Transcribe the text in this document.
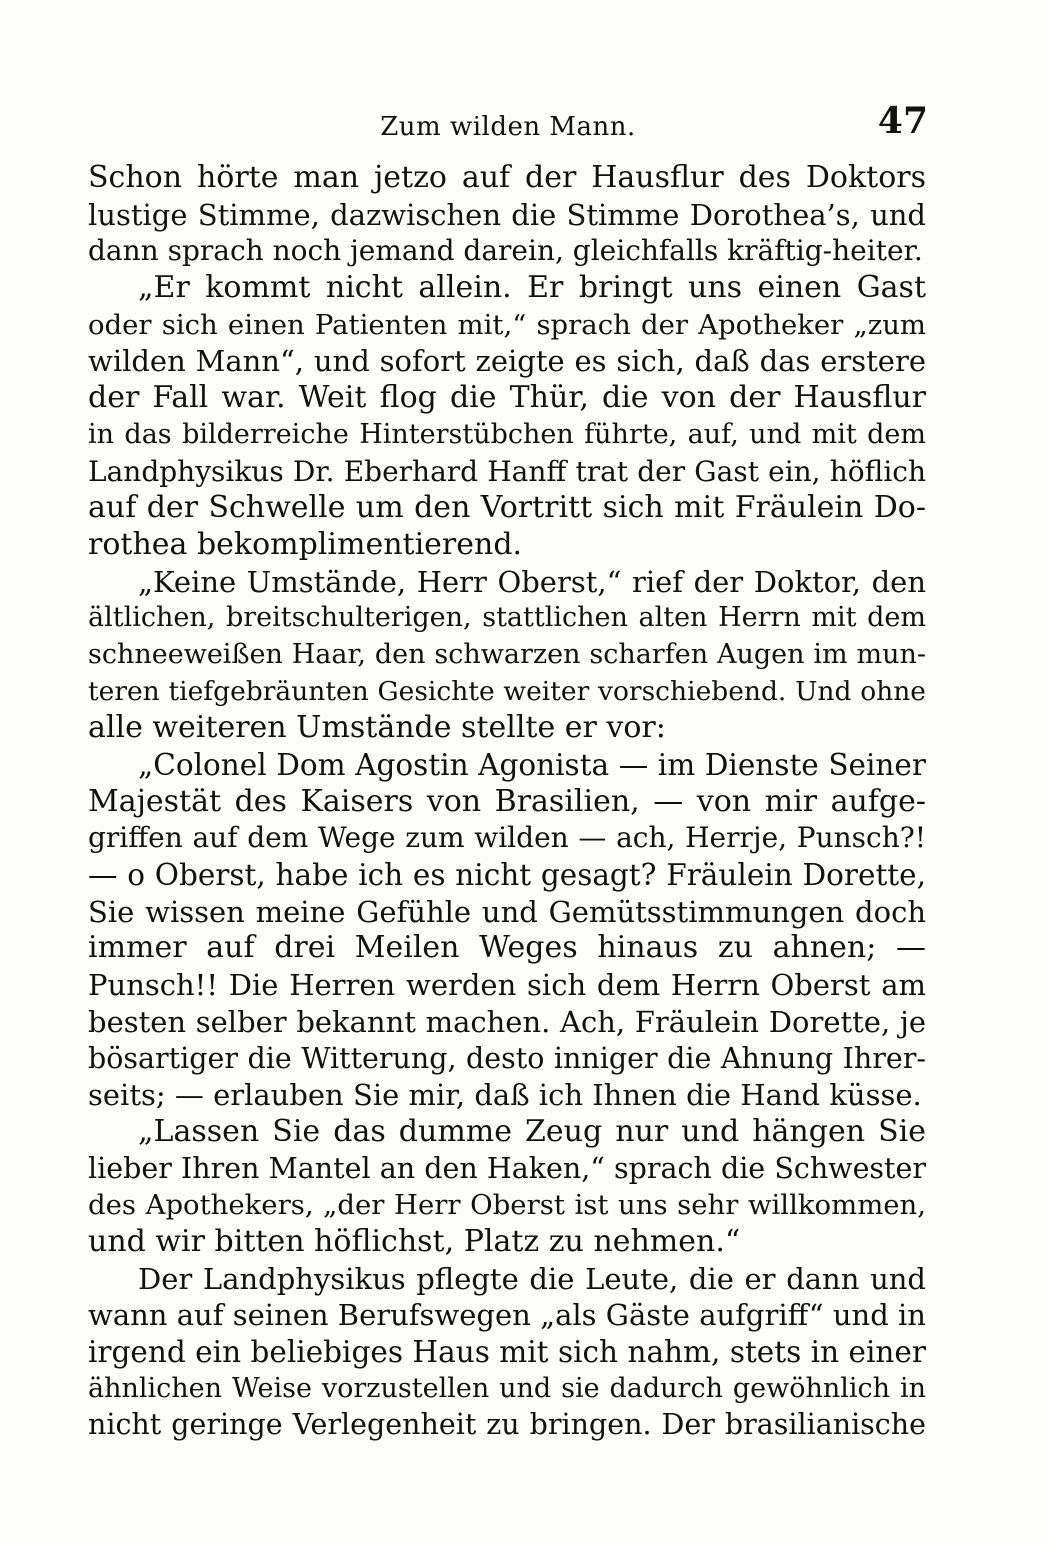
Zum wilden Mann.	47
Schon hörte man jetzo auf der Hausflur des Doktors
lustige Stimme, dazwischen die Stimme Dorothea’s, und
dann sprach noch jemand darein, gleichfalls kräftig-heiter.
„Er kommt nicht allein. Er bringt uns einen Gast
oder sich einen Patienten mit,“ sprach der Apotheker „zum
wilden Mann“, und sofort zeigte es sich, daß das erstere
der Fall war. Weit flog die Thür, die von der Hausflur
in das bilderreiche Hinterstübchen führte, auf, und mit dem
Landphysikus Dr. Eberhard Hanff trat der Gast ein, höflich
auf der Schwelle um den Vortritt sich mit Fräulein Do-
rothea bekomplimentierend.
„Keine Umstände, Herr Oberst,“ rief der Doktor, den
ältlichen, breitschulterigen, stattlichen alten Herrn mit dem
schneeweißen Haar, den schwarzen scharfen Augen im mun-
teren tiefgebräunten Gesichte weiter vorschiebend. Und ohne
alle weiteren Umstände stellte er vor:
„Colonel Dom Agostin Agonista — im Dienste Seiner
Majestät des Kaisers von Brasilien, — von mir aufge-
griffen auf dem Wege zum wilden — ach, Herrje, Punsch?!
— o Oberst, habe ich es nicht gesagt? Fräulein Dorette,
Sie wissen meine Gefühle und Gemütsstimmungen doch
immer auf drei Meilen Weges hinaus zu ahnen; —
Punsch!! Die Herren werden sich dem Herrn Oberst am
besten selber bekannt machen. Ach, Fräulein Dorette, je
bösartiger die Witterung, desto inniger die Ahnung Ihrer-
seits; — erlauben Sie mir, daß ich Ihnen die Hand küsse.
„Lassen Sie das dumme Zeug nur und hängen Sie
lieber Ihren Mantel an den Haken,“ sprach die Schwester
des Apothekers, „der Herr Oberst ist uns sehr willkommen,
und wir bitten höflichst, Platz zu nehmen.“
Der Landphysikus pflegte die Leute, die er dann und
wann auf seinen Berufswegen „als Gäste aufgriff“ und in
irgend ein beliebiges Haus mit sich nahm, stets in einer
ähnlichen Weise vorzustellen und sie dadurch gewöhnlich in
nicht geringe Verlegenheit zu bringen. Der brasilianische
